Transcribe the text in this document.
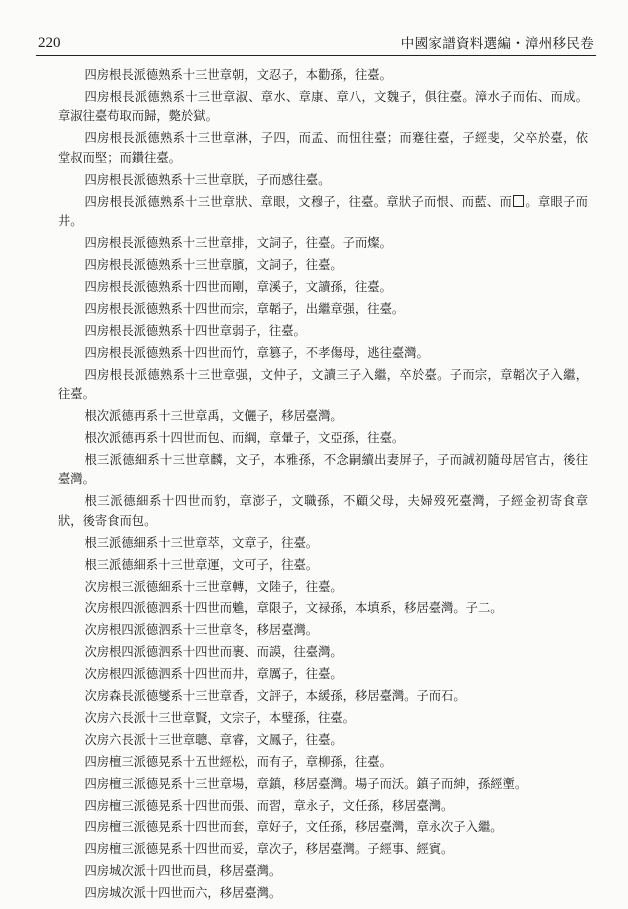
220	中國家譜資料選編・漳州移民卷

四房根長派德熟系十三世章朝，文忍子，本勸孫，往臺。

四房根長派德熟系十三世章淑、章水、章康、章八，文魏子，俱往臺。漳水子而佑、而成。章淑往臺苟取而歸，斃於獄。

四房根長派德熟系十三世章淋，子四，而孟、而忸往臺；而蹇往臺，子經斐，父卒於臺，依堂叔而堅；而鑽往臺。

四房根長派德熟系十三世章朕，子而感往臺。

四房根長派德熟系十三世章狀、章眼，文穆子，往臺。章狀子而恨、而藍、而 。章眼子而井。

四房根長派德熟系十三世章排，文詞子，往臺。子而燦。

四房根長派德熟系十三世章臏，文詞子，往臺。

四房根長派德熟系十四世而剛，章溪子，文讀孫，往臺。

四房根長派德熟系十四世而宗，章韜子，出繼章强，往臺。

四房根長派德熟系十四世章弱子，往臺。

四房根長派德熟系十四世而竹，章篡子，不孝傷母，逃往臺灣。

四房根長派德熟系十三世章强，文仲子，文讀三子入繼，卒於臺。子而宗，章韜次子入繼，往臺。

根次派德再系十三世章禹，文儷子，移居臺灣。

根次派德再系十四世而包、而綱，章暈子，文亞孫，往臺。

根三派德細系十三世章麟，文子，本雅孫，不念嗣續出妻屏子，子而誠初隨母居官古，後往臺灣。

根三派德細系十四世而豹，章澎子，文職孫，不顧父母，夫婦歿死臺灣，子經金初寄食章狀，後寄食而包。

根三派德細系十三世章萃，文章子，往臺。

根三派德細系十三世章運，文可子，往臺。

次房根三派德細系十三世章轉，文陸子，往臺。

次房根四派德泗系十四世而魋，章限子，文禄孫，本填系，移居臺灣。子二。

次房根四派德泗系十三世章冬，移居臺灣。

次房根四派德泗系十四世而裹、而謨，往臺灣。

次房根四派德泗系十四世而井，章厲子，往臺。

次房森長派德燮系十三世章香，文評子，本緩孫，移居臺灣。子而石。

次房六長派十三世章賢，文宗子，本璧孫，往臺。

次房六長派十三世章聰、章睿，文鳳子，往臺。

四房檀三派德晃系十五世經松，而有子，章柳孫，往臺。

四房檀三派德晃系十三世章場，章鎮，移居臺灣。場子而沃。鎮子而紳，孫經壍。

四房檀三派德晃系十四世而張、而習，章永子，文任孫，移居臺灣。

四房檀三派德晃系十四世而套，章好子，文任孫，移居臺灣，章永次子入繼。

四房檀三派德晃系十四世而妥，章次子，移居臺灣。子經事、經賓。

四房城次派十四世而員，移居臺灣。

四房城次派十四世而六，移居臺灣。
